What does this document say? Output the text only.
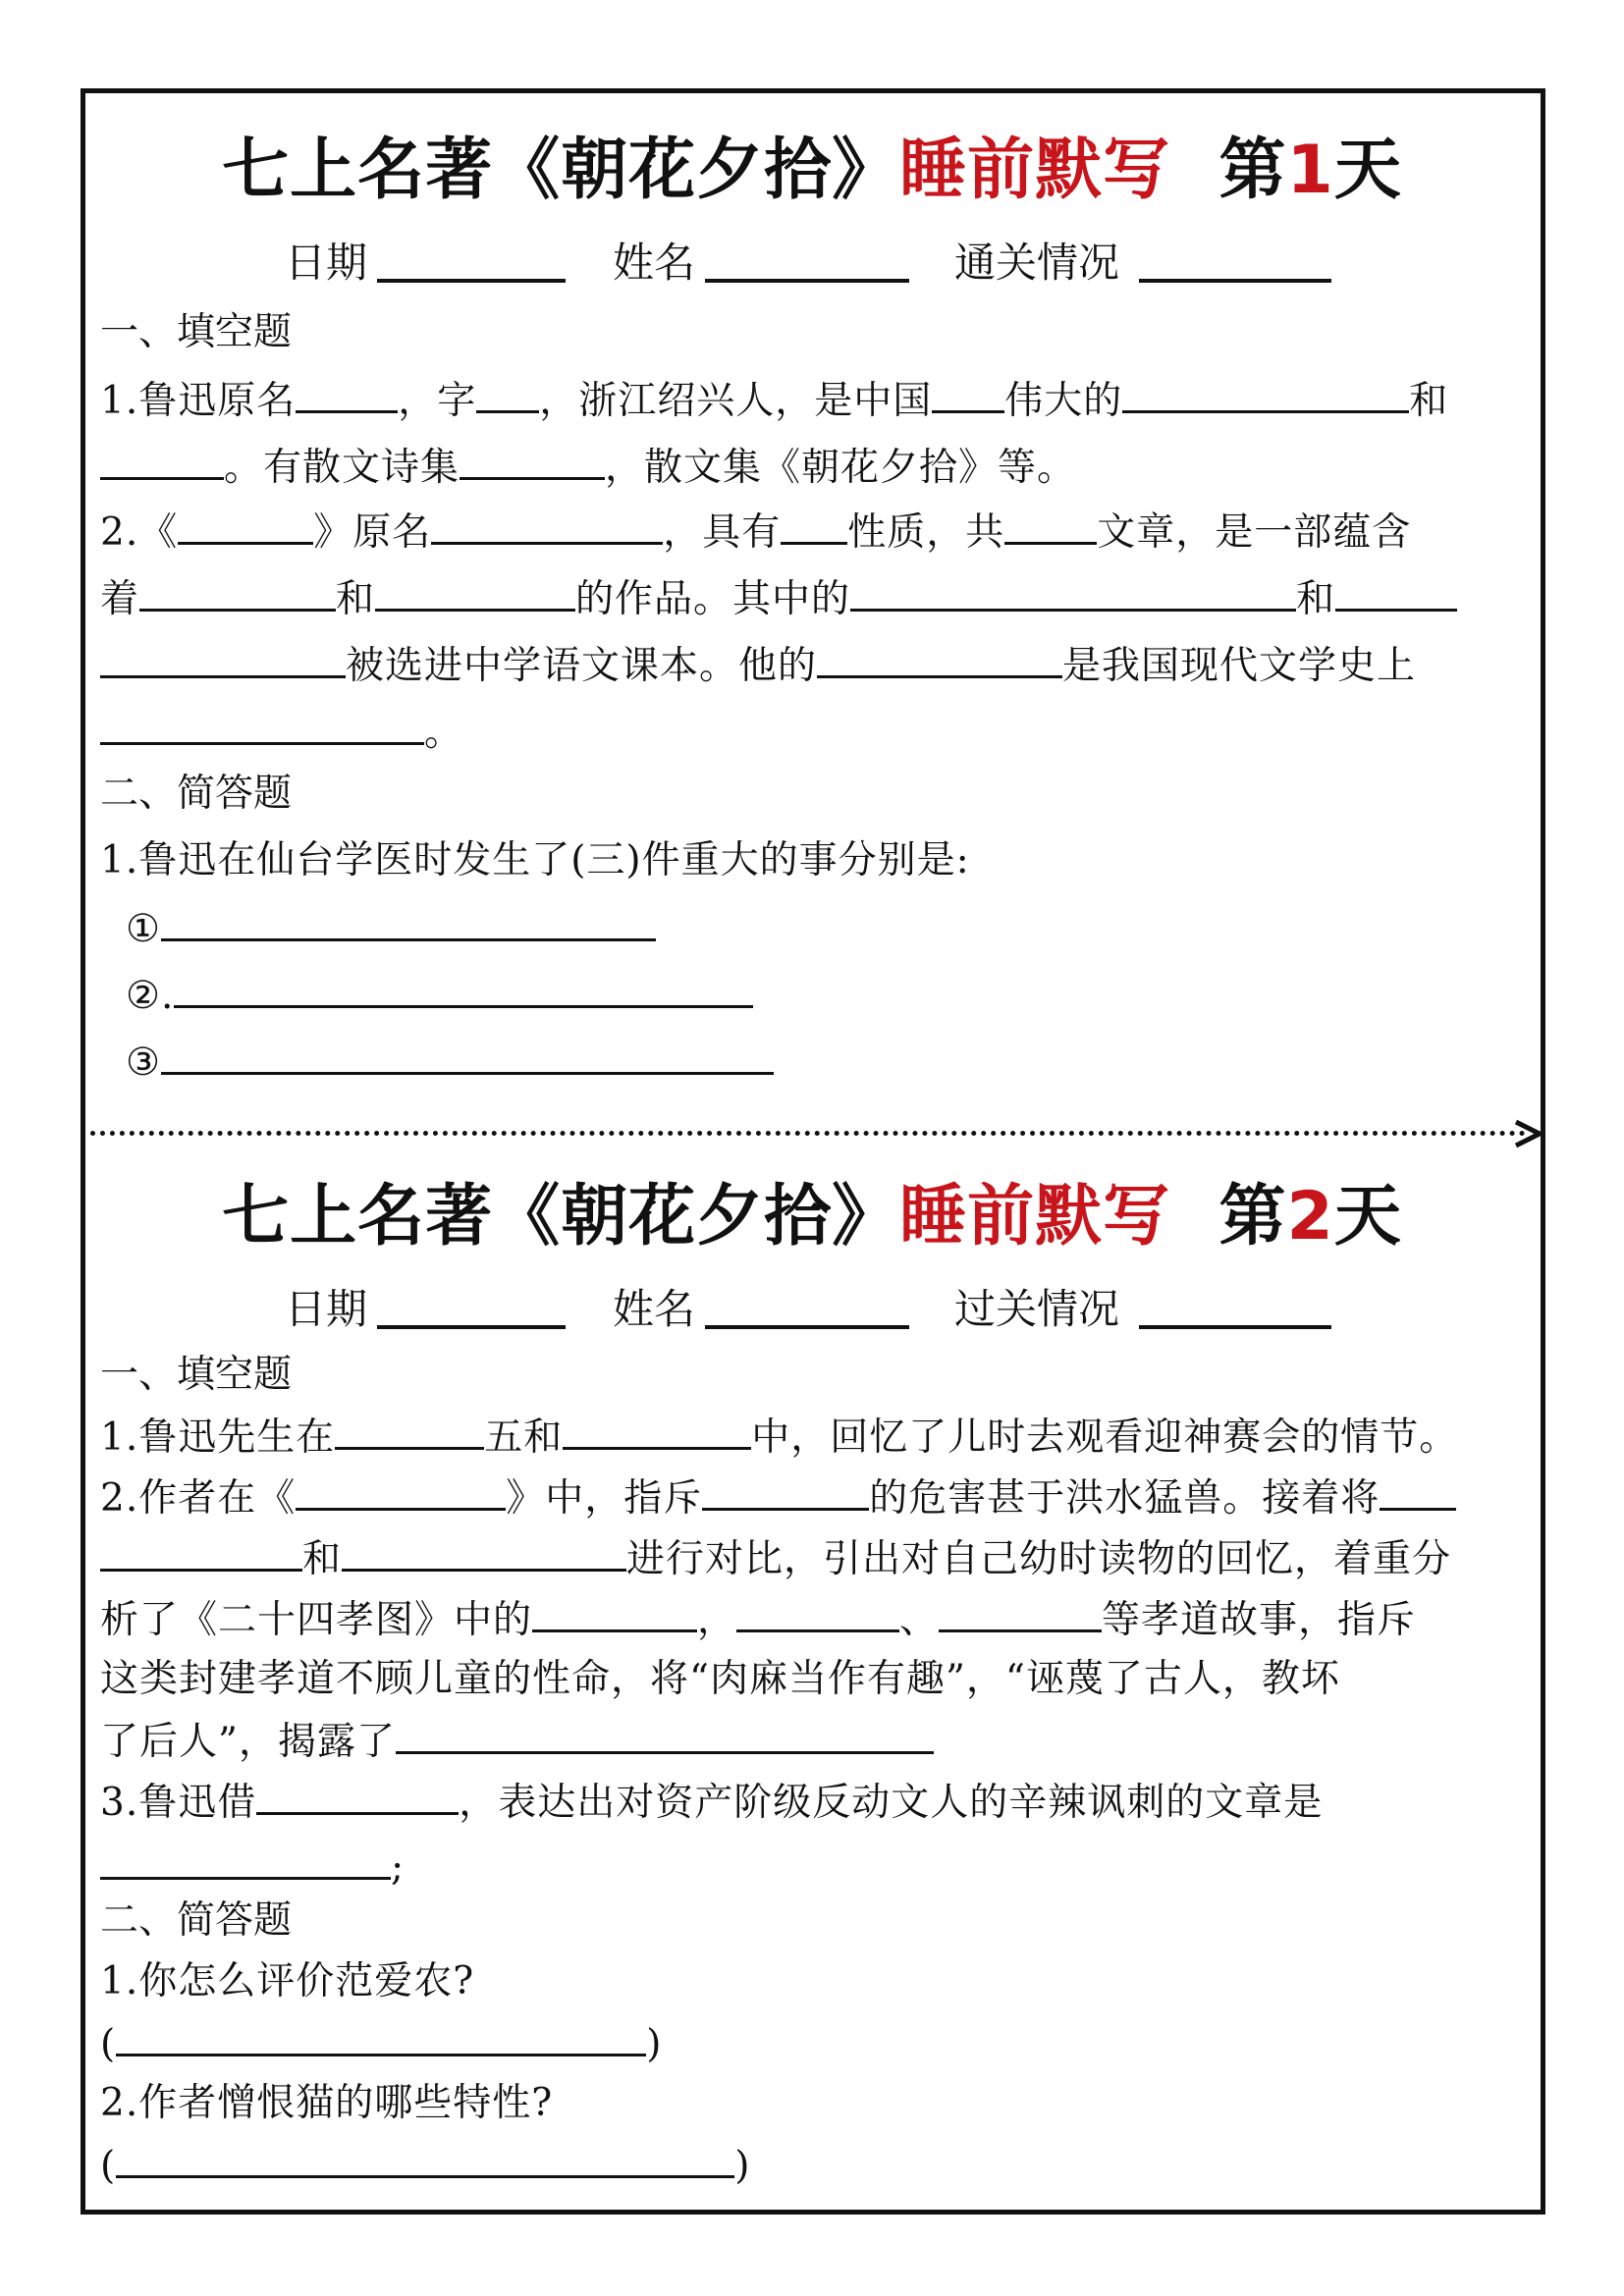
七上名著《朝花夕拾》睡前默写 第1天
日期	姓名	通关情况
一、填空题
1.鲁迅原名	，字 ，浙江绍兴人，是中国 伟大的	和
。有散文诗集	，散文集《朝花夕拾》等。
2.《	》原名	，具有 性质，共 文章，是一部蕴含
着	和	的作品。其中的	和
被选进中学语文课本。他的	是我国现代文学史上
。
二、简答题
1.鲁迅在仙台学医时发生了(三)件重大的事分别是:
①
②.
③
七上名著《朝花夕拾》睡前默写 第2天
日期	姓名	过关情况
一、填空题
1.鲁迅先生在	五和	中，回忆了儿时去观看迎神赛会的情节。
2.作者在《	》中，指斥	的危害甚于洪水猛兽。接着将
和	进行对比，引出对自己幼时读物的回忆，着重分
析了《二十四孝图》中的	，	、	等孝道故事，指斥
这类封建孝道不顾儿童的性命，将“肉麻当作有趣”，“诬蔑了古人，教坏
了后人”，揭露了
3.鲁迅借	，表达出对资产阶级反动文人的辛辣讽刺的文章是
;
二、简答题
1.你怎么评价范爱农?
(	)
2.作者憎恨猫的哪些特性?
(	)
